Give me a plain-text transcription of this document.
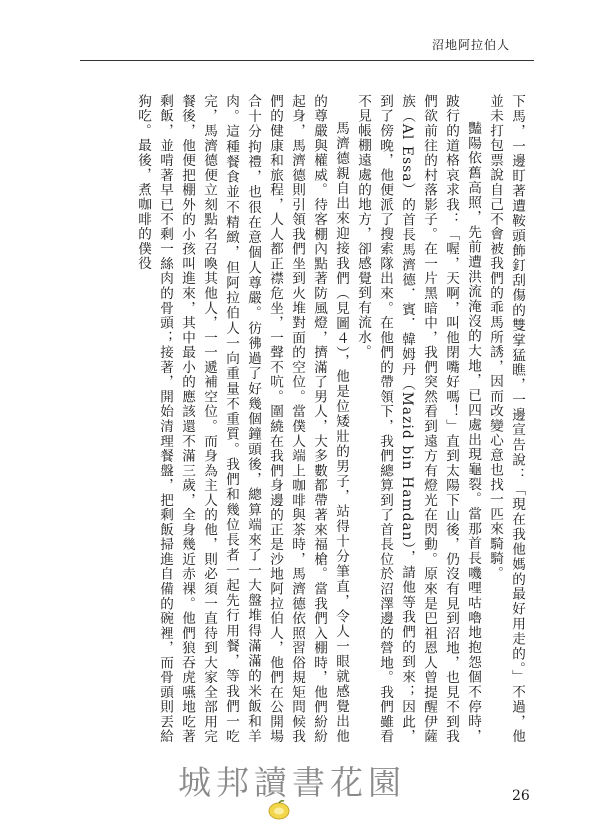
沼地阿拉伯人

下馬，一邊盯著遭鞍頭飾釘刮傷的雙掌猛瞧，一邊宣告說：「現在我他媽的最好用走的。」不過，他並未打包票說自己不會被我們的乖馬所誘，因而改變心意也找一匹來騎騎。

豔陽依舊高照，先前遭洪流淹沒的大地，已四處出現龜裂。當那首長嘰哩咕嚕地抱怨個不停時，跛行的道格哀求我：「喔，天啊，叫他閉嘴好嗎！」直到太陽下山後，仍沒有見到沼地，也見不到我們欲前往的村落影子。在一片黑暗中，我們突然看到遠方有燈光在閃動。原來是巴祖恩人曾提醒伊薩族（Al Essa）的首長馬濟德．賓．韓姆丹（Mazid bin Hamdan），請他等我們的到來；因此，到了傍晚，他便派了搜索隊出來。在他們的帶領下，我們總算到了首長位於沼澤邊的營地。我們雖看不見帳棚遠處的地方，卻感覺到有流水。

馬濟德親自出來迎接我們（見圖４），他是位矮壯的男子，站得十分筆直，令人一眼就感覺出他的尊嚴與權威。待客棚內點著防風燈，擠滿了男人，大多數都帶著來福槍。當我們入棚時，他們紛紛起身，馬濟德則引領我們坐到火堆對面的空位。當僕人端上咖啡與茶時，馬濟德依照習俗規矩問候我們的健康和旅程，人人都正襟危坐，一聲不吭。圍繞在我們身邊的正是沙地阿拉伯人，他們在公開場合十分拘禮，也很在意個人尊嚴。彷彿過了好幾個鐘頭後，總算端來了一大盤堆得滿滿的米飯和羊肉。這種餐食並不精緻，但阿拉伯人一向重量不重質。我們和幾位長者一起先行用餐，等我們一吃完，馬濟德便立刻點名召喚其他人，一一遞補空位。而身為主人的他，則必須一直待到大家全部用完餐後，他便把棚外的小孩叫進來，其中最小的應該還不滿三歲，全身幾近赤裸。他們狼吞虎嚥地吃著剩飯，並啃著早已不剩一絲肉的骨頭；接著，開始清理餐盤，把剩飯掃進自備的碗裡，而骨頭則丟給狗吃。最後，煮咖啡的僕役

城邦讀書花園	26
